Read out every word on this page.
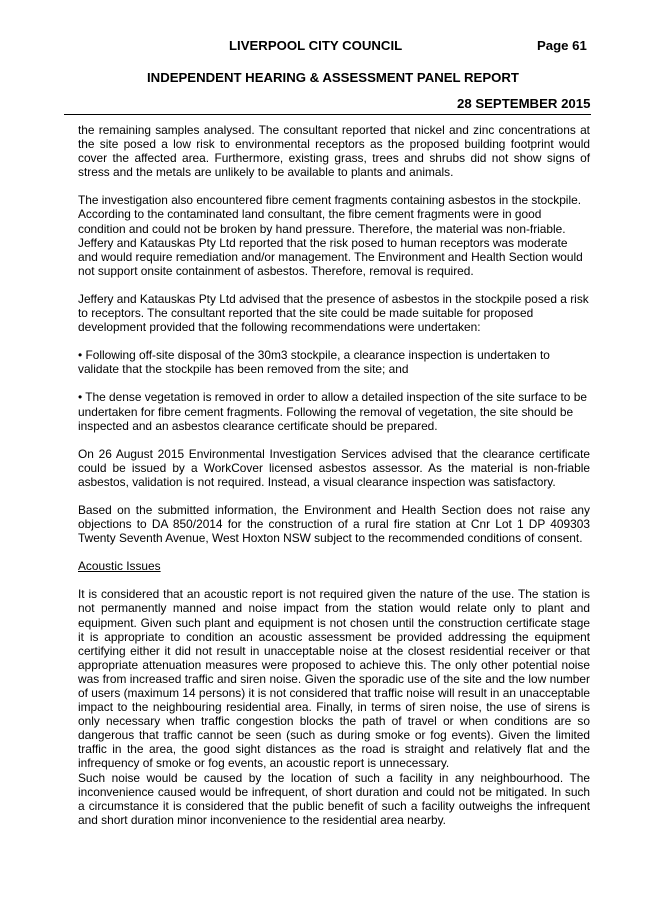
LIVERPOOL CITY COUNCIL	Page 61
INDEPENDENT HEARING & ASSESSMENT PANEL REPORT
28 SEPTEMBER 2015

the remaining samples analysed. The consultant reported that nickel and zinc concentrations at the site posed a low risk to environmental receptors as the proposed building footprint would cover the affected area. Furthermore, existing grass, trees and shrubs did not show signs of stress and the metals are unlikely to be available to plants and animals.

The investigation also encountered fibre cement fragments containing asbestos in the stockpile. According to the contaminated land consultant, the fibre cement fragments were in good condition and could not be broken by hand pressure. Therefore, the material was non-friable. Jeffery and Katauskas Pty Ltd reported that the risk posed to human receptors was moderate and would require remediation and/or management. The Environment and Health Section would not support onsite containment of asbestos. Therefore, removal is required.

Jeffery and Katauskas Pty Ltd advised that the presence of asbestos in the stockpile posed a risk to receptors. The consultant reported that the site could be made suitable for proposed development provided that the following recommendations were undertaken:

• Following off-site disposal of the 30m3 stockpile, a clearance inspection is undertaken to validate that the stockpile has been removed from the site; and

• The dense vegetation is removed in order to allow a detailed inspection of the site surface to be undertaken for fibre cement fragments. Following the removal of vegetation, the site should be inspected and an asbestos clearance certificate should be prepared.

On 26 August 2015 Environmental Investigation Services advised that the clearance certificate could be issued by a WorkCover licensed asbestos assessor. As the material is non-friable asbestos, validation is not required. Instead, a visual clearance inspection was satisfactory.

Based on the submitted information, the Environment and Health Section does not raise any objections to DA 850/2014 for the construction of a rural fire station at Cnr Lot 1 DP 409303 Twenty Seventh Avenue, West Hoxton NSW subject to the recommended conditions of consent.

Acoustic Issues

It is considered that an acoustic report is not required given the nature of the use. The station is not permanently manned and noise impact from the station would relate only to plant and equipment. Given such plant and equipment is not chosen until the construction certificate stage it is appropriate to condition an acoustic assessment be provided addressing the equipment certifying either it did not result in unacceptable noise at the closest residential receiver or that appropriate attenuation measures were proposed to achieve this. The only other potential noise was from increased traffic and siren noise. Given the sporadic use of the site and the low number of users (maximum 14 persons) it is not considered that traffic noise will result in an unacceptable impact to the neighbouring residential area. Finally, in terms of siren noise, the use of sirens is only necessary when traffic congestion blocks the path of travel or when conditions are so dangerous that traffic cannot be seen (such as during smoke or fog events). Given the limited traffic in the area, the good sight distances as the road is straight and relatively flat and the infrequency of smoke or fog events, an acoustic report is unnecessary.

Such noise would be caused by the location of such a facility in any neighbourhood. The inconvenience caused would be infrequent, of short duration and could not be mitigated. In such a circumstance it is considered that the public benefit of such a facility outweighs the infrequent and short duration minor inconvenience to the residential area nearby.
